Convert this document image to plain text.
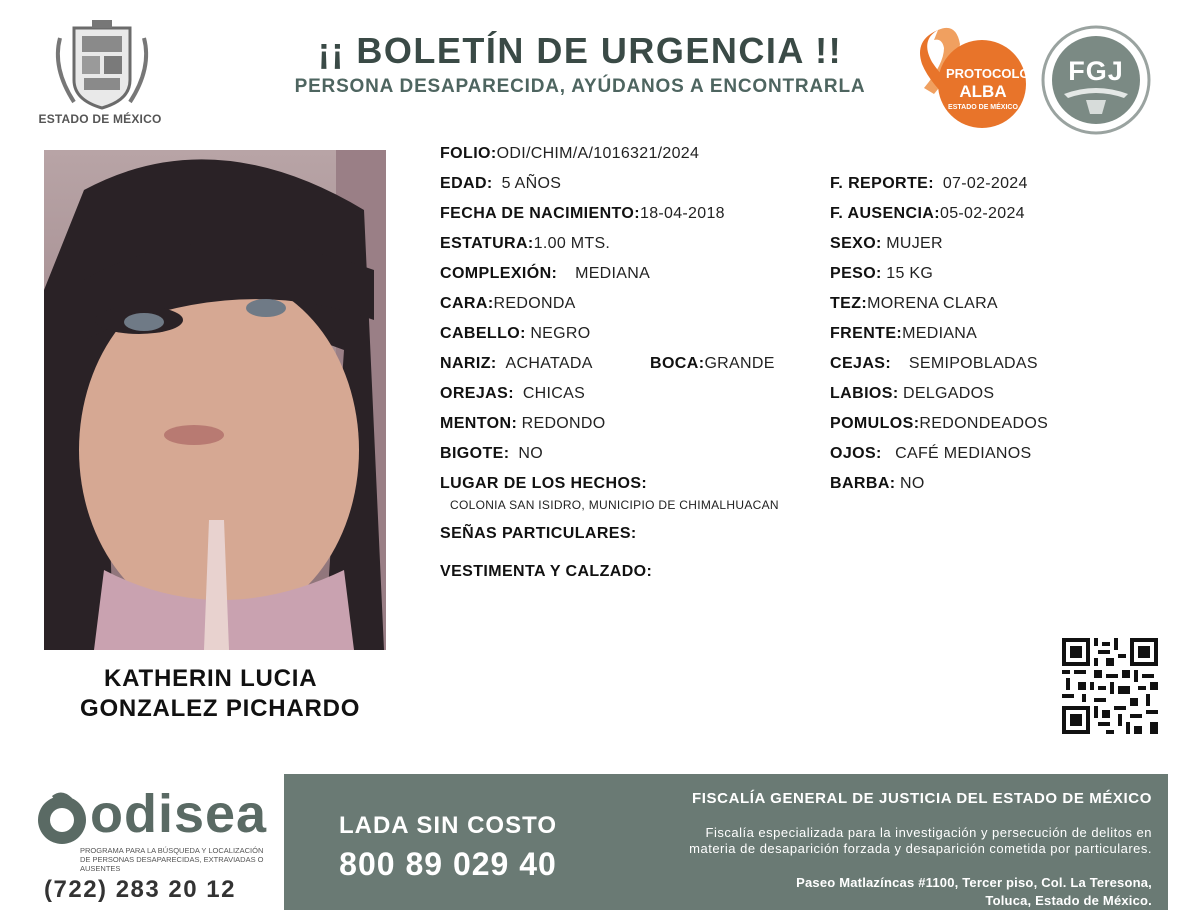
ESTADO DE MÉXICO
¡¡ BOLETÍN DE URGENCIA !!
PERSONA DESAPARECIDA, AYÚDANOS A ENCONTRARLA
PROTOCOLO
ALBA
ESTADO DE MÉXICO
FGJ
KATHERIN LUCIA
GONZALEZ PICHARDO
FOLIO:ODI/CHIM/A/1016321/2024
EDAD: 5 AÑOS
FECHA DE NACIMIENTO:18-04-2018
ESTATURA:1.00 MTS.
COMPLEXIÓN: MEDIANA
CARA:REDONDA
CABELLO: NEGRO
NARIZ: ACHATADA	BOCA:GRANDE
OREJAS: CHICAS
MENTON: REDONDO
BIGOTE: NO
LUGAR DE LOS HECHOS:
COLONIA SAN ISIDRO, MUNICIPIO DE CHIMALHUACAN
SEÑAS PARTICULARES:
VESTIMENTA Y CALZADO:
F. REPORTE: 07-02-2024
F. AUSENCIA:05-02-2024
SEXO: MUJER
PESO: 15 KG
TEZ:MORENA CLARA
FRENTE:MEDIANA
CEJAS: SEMIPOBLADAS
LABIOS: DELGADOS
POMULOS:REDONDEADOS
OJOS: CAFÉ MEDIANOS
BARBA: NO
odisea
PROGRAMA PARA LA BÚSQUEDA Y LOCALIZACIÓN DE PERSONAS DESAPARECIDAS, EXTRAVIADAS O AUSENTES
(722) 283 20 12
LADA SIN COSTO
800 89 029 40
FISCALÍA GENERAL DE JUSTICIA DEL ESTADO DE MÉXICO
Fiscalía especializada para la investigación y persecución de delitos en
materia de desaparición forzada y desaparición cometida por particulares.
Paseo Matlazíncas #1100, Tercer piso, Col. La Teresona,
Toluca, Estado de México.
